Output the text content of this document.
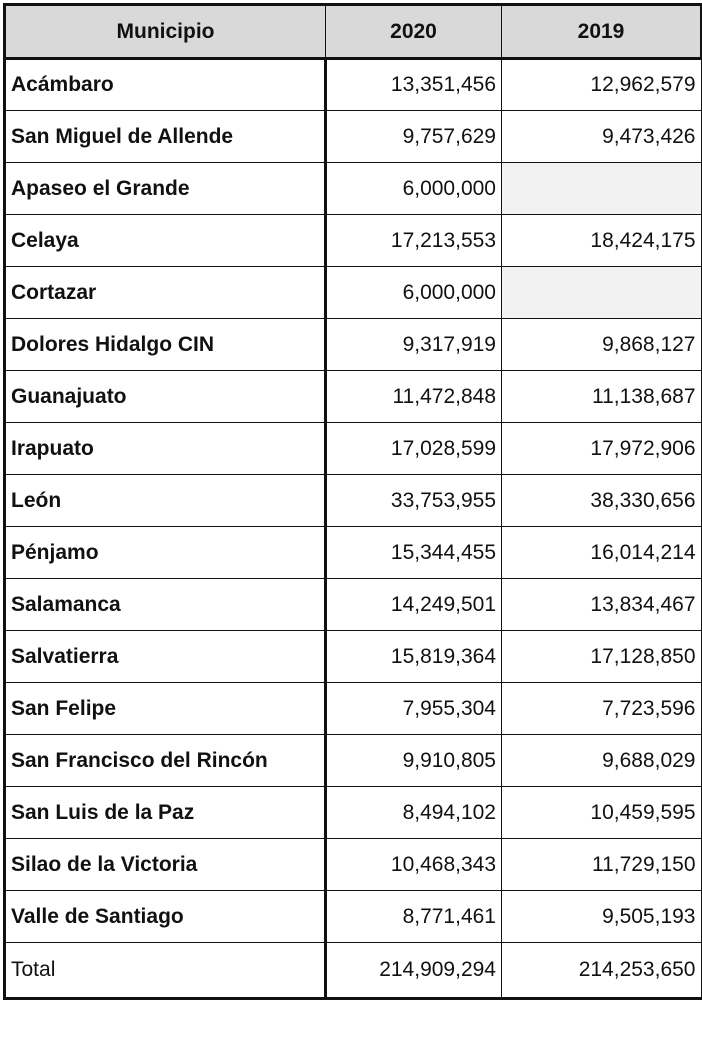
Municipio	2020	2019
Acámbaro	13,351,456	12,962,579
San Miguel de Allende	9,757,629	9,473,426
Apaseo el Grande	6,000,000	
Celaya	17,213,553	18,424,175
Cortazar	6,000,000	
Dolores Hidalgo CIN	9,317,919	9,868,127
Guanajuato	11,472,848	11,138,687
Irapuato	17,028,599	17,972,906
León	33,753,955	38,330,656
Pénjamo	15,344,455	16,014,214
Salamanca	14,249,501	13,834,467
Salvatierra	15,819,364	17,128,850
San Felipe	7,955,304	7,723,596
San Francisco del Rincón	9,910,805	9,688,029
San Luis de la Paz	8,494,102	10,459,595
Silao de la Victoria	10,468,343	11,729,150
Valle de Santiago	8,771,461	9,505,193
Total	214,909,294	214,253,650
